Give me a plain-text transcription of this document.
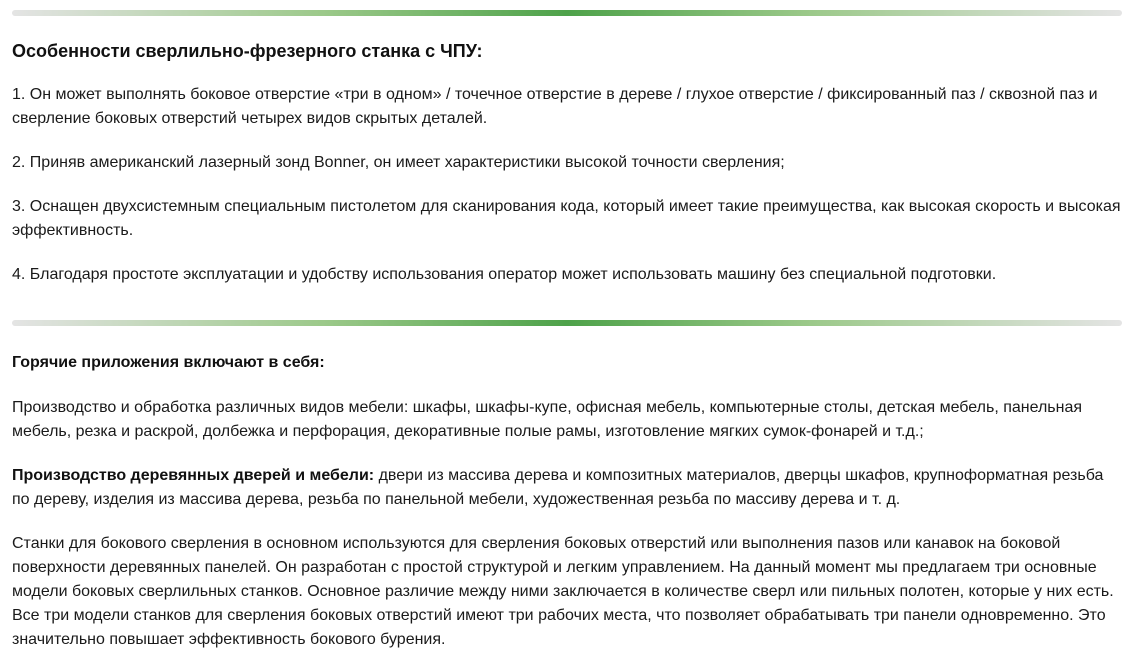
Особенности сверлильно-фрезерного станка с ЧПУ:

1. Он может выполнять боковое отверстие «три в одном» / точечное отверстие в дереве / глухое отверстие / фиксированный паз / сквозной паз и сверление боковых отверстий четырех видов скрытых деталей.

2. Приняв американский лазерный зонд Bonner, он имеет характеристики высокой точности сверления;

3. Оснащен двухсистемным специальным пистолетом для сканирования кода, который имеет такие преимущества, как высокая скорость и высокая эффективность.

4. Благодаря простоте эксплуатации и удобству использования оператор может использовать машину без специальной подготовки.

Горячие приложения включают в себя:

Производство и обработка различных видов мебели: шкафы, шкафы-купе, офисная мебель, компьютерные столы, детская мебель, панельная мебель, резка и раскрой, долбежка и перфорация, декоративные полые рамы, изготовление мягких сумок-фонарей и т.д.;

Производство деревянных дверей и мебели: двери из массива дерева и композитных материалов, дверцы шкафов, крупноформатная резьба по дереву, изделия из массива дерева, резьба по панельной мебели, художественная резьба по массиву дерева и т. д.

Станки для бокового сверления в основном используются для сверления боковых отверстий или выполнения пазов или канавок на боковой поверхности деревянных панелей. Он разработан с простой структурой и легким управлением. На данный момент мы предлагаем три основные модели боковых сверлильных станков. Основное различие между ними заключается в количестве сверл или пильных полотен, которые у них есть. Все три модели станков для сверления боковых отверстий имеют три рабочих места, что позволяет обрабатывать три панели одновременно. Это значительно повышает эффективность бокового бурения.
